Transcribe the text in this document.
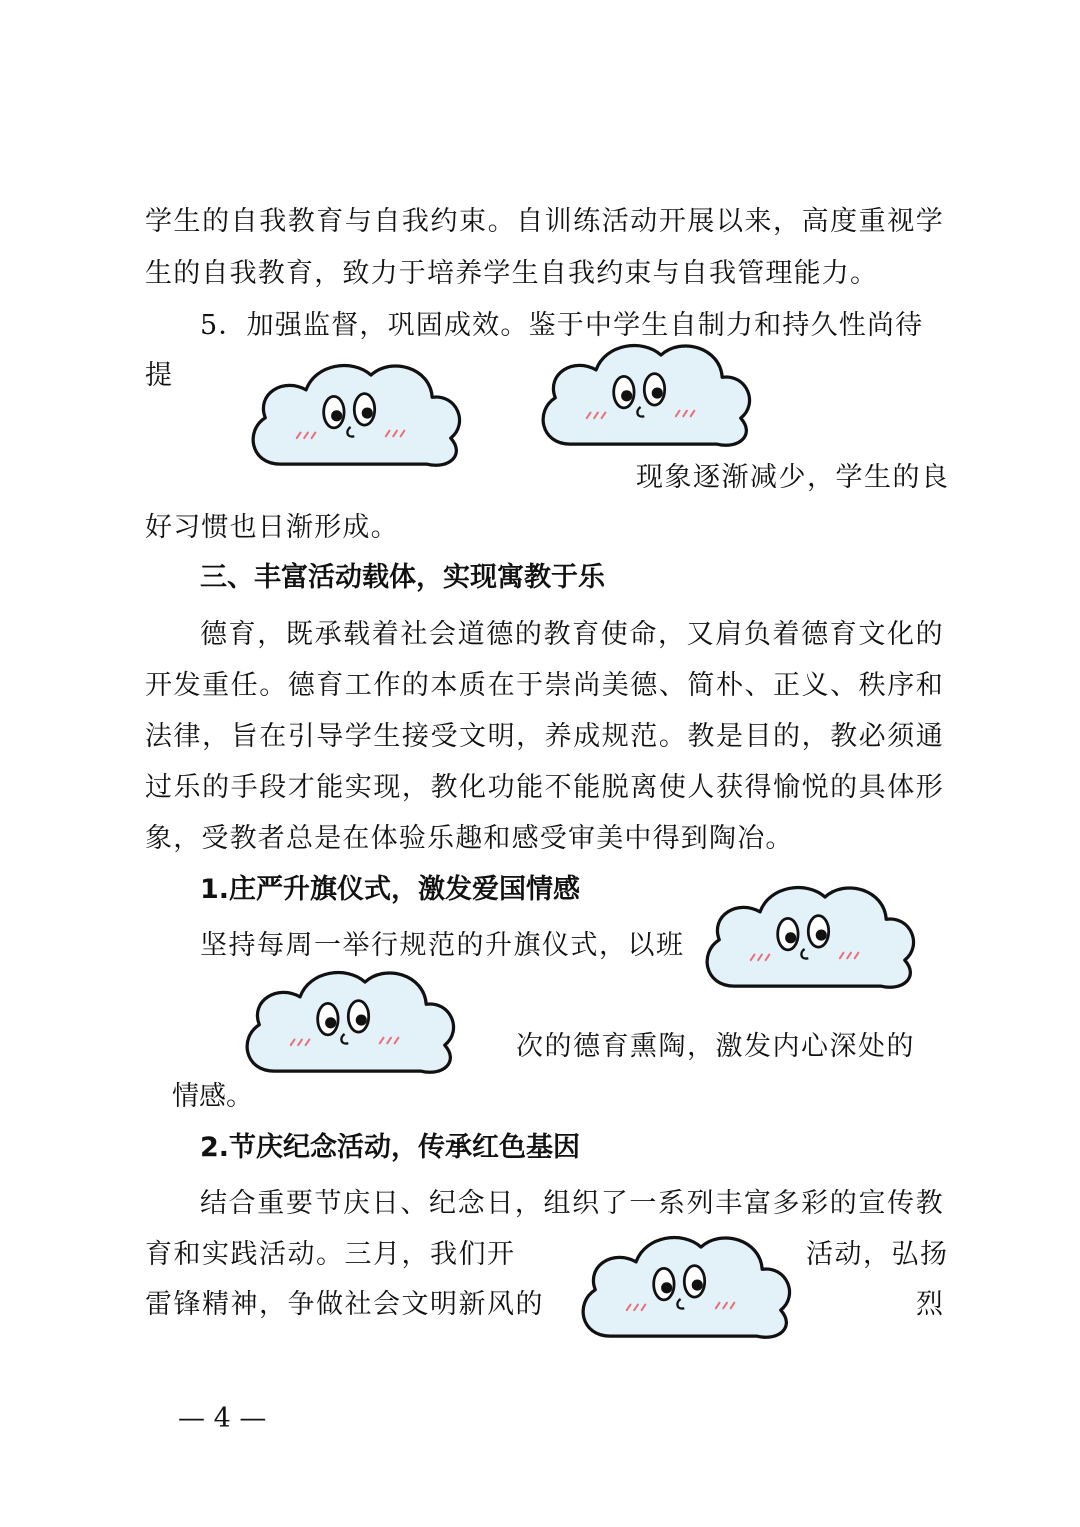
学 生 的 自 我 教 育 与 自 我 约 束 。 自 训 练 活 动 开 展 以 来 ， 高 度 重 视 学
生的自我教育，致力于培养学生自我约束与自我管理能力。
5．加强监督，巩固成效。鉴于中学生自制力和持久性尚待
提
现象逐渐减少，学生的良
好习惯也日渐形成。
三、丰富活动载体，实现寓教于乐
德 育 ， 既 承 载 着 社 会 道 德 的 教 育 使 命 ， 又 肩 负 着 德 育 文 化 的
开 发 重 任 。 德 育 工 作 的 本 质 在 于 崇 尚 美 德 、 简 朴 、 正 义 、 秩 序 和
法 律 ， 旨 在 引 导 学 生 接 受 文 明 ， 养 成 规 范 。 教 是 目 的 ， 教 必 须 通
过 乐 的 手 段 才 能 实 现 ， 教 化 功 能 不 能 脱 离 使 人 获 得 愉 悦 的 具 体 形
象，受教者总是在体验乐趣和感受审美中得到陶冶。
1.庄严升旗仪式，激发爱国情感
坚持每周一举行规范的升旗仪式，以班
次的德育熏陶，激发内心深处的
情感。
2.节庆纪念活动，传承红色基因
结 合 重 要 节 庆 日 、 纪 念 日 ， 组 织 了 一 系 列 丰 富 多 彩 的 宣 传 教
育和实践活动。三月，我们开	活动，弘扬
雷锋精神，争做社会文明新风的	烈
— 4 —
